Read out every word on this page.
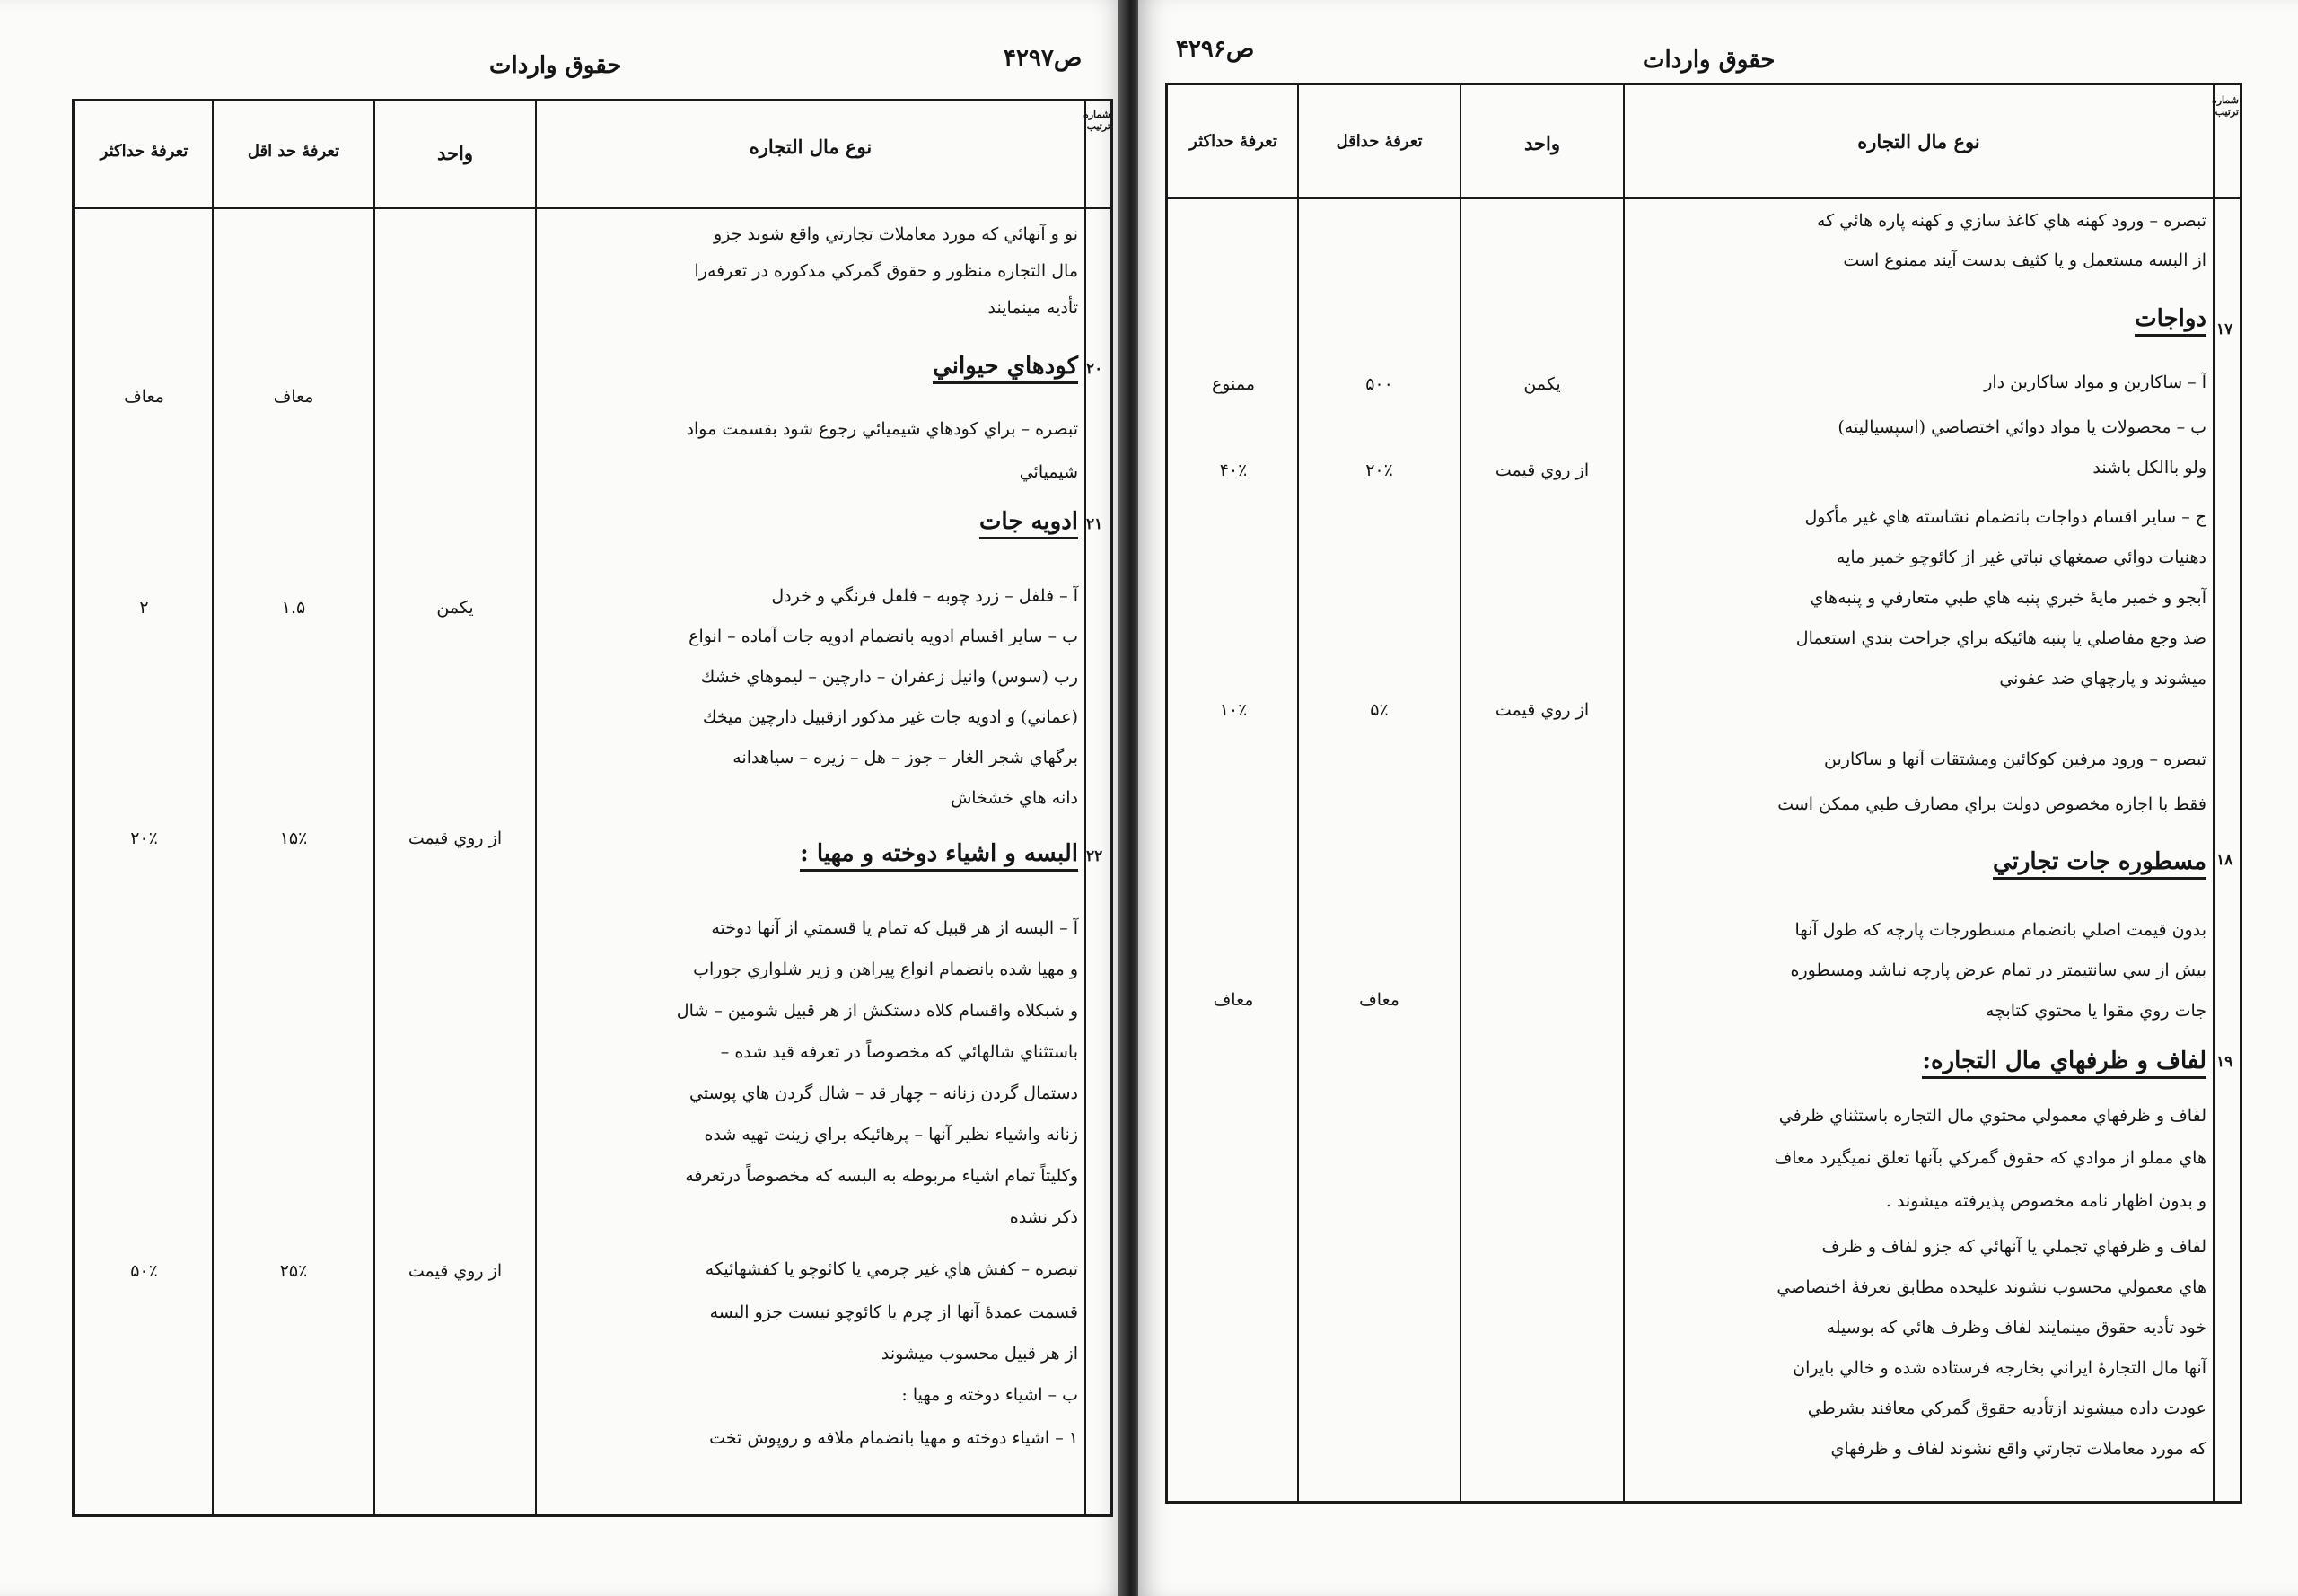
حقوق واردات	ص۴۲۹۷
شماره ترتیب
نوع مال التجاره
واحد
تعرفهٔ حد اقل
تعرفهٔ حداکثر
نو و آنهائي كه مورد معاملات تجارتي واقع شوند جزو
مال التجاره منظور و حقوق گمركي مذكوره در تعرفه‌را
تأديه مينمايند
كودهاي حيواني
تبصره – براي كودهاي شيميائي رجوع شود بقسمت مواد
شيميائي
ادويه جات
آ – فلفل – زرد چوبه – فلفل فرنگي و خردل
ب – ساير اقسام ادويه بانضمام ادويه جات آماده – انواع
رب (سوس) وانيل زعفران – دارچين – ليموهاي خشك
(عماني) و ادويه جات غير مذكور ازقبيل دارچين ميخك
برگهاي شجر الغار – جوز – هل – زيره – سياهدانه
دانه هاي خشخاش
البسه و اشياء دوخته و مهيا :
آ – البسه از هر قبيل كه تمام يا قسمتي از آنها دوخته
و مهيا شده بانضمام انواع پيراهن و زير شلواري جوراب
و شبكلاه واقسام كلاه دستكش از هر قبيل شومين – شال
باستثناي شالهائي كه مخصوصاً در تعرفه قيد شده –
دستمال گردن زنانه – چهار قد – شال گردن هاي پوستي
زنانه واشياء نظير آنها – پرهائيكه براي زينت تهيه شده
وكليتاً تمام اشياء مربوطه به البسه كه مخصوصاً درتعرفه
ذكر نشده
تبصره – كفش هاي غير چرمي يا كائوچو يا كفشهائيكه
قسمت عمدهٔ آنها از چرم يا كائوچو نيست جزو البسه
از هر قبيل محسوب ميشوند
ب – اشياء دوخته و مهيا :
۱ – اشياء دوخته و مهيا بانضمام ملافه و روپوش تخت
۲۰
۲۱
۲۲
معاف
معاف
يكمن
۱.۵
۲
از روي قيمت
۱۵٪
۲۰٪
از روي قيمت
۲۵٪
۵۰٪
حقوق واردات
ص۴۲۹۶
شماره ترتیب
نوع مال التجاره
واحد
تعرفهٔ حداقل
تعرفهٔ حداکثر
تبصره – ورود كهنه هاي كاغذ سازي و كهنه پاره هائي كه
از البسه مستعمل و يا كثيف بدست آيند ممنوع است
دواجات
آ – ساكارين و مواد ساكارين دار
ب – محصولات يا مواد دوائي اختصاصي (اسپسياليته)
ولو باالكل باشند
ج – ساير اقسام دواجات بانضمام نشاسته هاي غير مأكول
دهنيات دوائي صمغهاي نباتي غير از كائوچو خمير مايه
آبجو و خمير مايهٔ خبري پنبه هاي طبي متعارفي و پنبه‌هاي
ضد وجع مفاصلي يا پنبه هائيكه براي جراحت بندي استعمال
ميشوند و پارچهاي ضد عفوني
تبصره – ورود مرفين كوكائين ومشتقات آنها و ساكارين
فقط با اجازه مخصوص دولت براي مصارف طبي ممكن است
مسطوره جات تجارتي
بدون قيمت اصلي بانضمام مسطورجات پارچه كه طول آنها
بيش از سي سانتيمتر در تمام عرض پارچه نباشد ومسطوره
جات روي مقوا يا محتوي كتابچه
لفاف و ظرفهاي مال التجاره:
لفاف و ظرفهاي معمولي محتوي مال التجاره باستثناي ظرفي
هاي مملو از موادي كه حقوق گمركي بآنها تعلق نميگيرد معاف
و بدون اظهار نامه مخصوص پذيرفته ميشوند .
لفاف و ظرفهاي تجملي يا آنهائي كه جزو لفاف و ظرف
هاي معمولي محسوب نشوند عليحده مطابق تعرفهٔ اختصاصي
خود تأديه حقوق مينمايند لفاف وظرف هائي كه بوسيله
آنها مال التجارهٔ ايراني بخارجه فرستاده شده و خالي بايران
عودت داده ميشوند ازتأديه حقوق گمركي معافند بشرطي
كه مورد معاملات تجارتي واقع نشوند لفاف و ظرفهاي
۱۷
۱۸
۱۹
يكمن
۵۰۰
ممنوع
از روي قيمت
۲۰٪
۴۰٪
از روي قيمت
۵٪
۱۰٪
معاف
معاف
